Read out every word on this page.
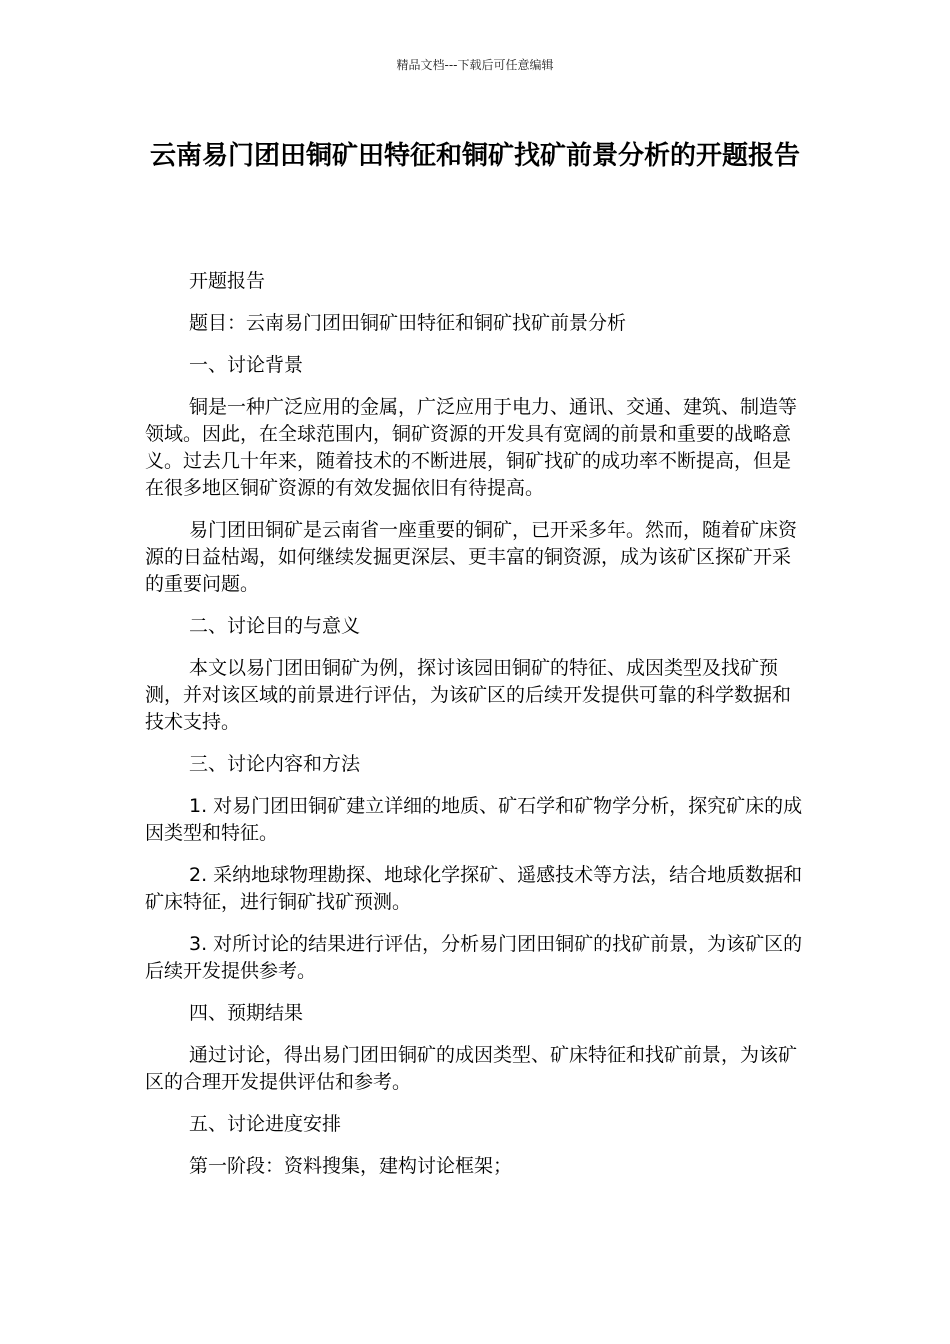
精品文档---下载后可任意编辑
云南易门团田铜矿田特征和铜矿找矿前景分析的开题报告

开题报告

题目：云南易门团田铜矿田特征和铜矿找矿前景分析

一、讨论背景

铜是一种广泛应用的金属，广泛应用于电力、通讯、交通、建筑、制造等领域。因此，在全球范围内，铜矿资源的开发具有宽阔的前景和重要的战略意义。过去几十年来，随着技术的不断进展，铜矿找矿的成功率不断提高，但是在很多地区铜矿资源的有效发掘依旧有待提高。

易门团田铜矿是云南省一座重要的铜矿，已开采多年。然而，随着矿床资源的日益枯竭，如何继续发掘更深层、更丰富的铜资源，成为该矿区探矿开采的重要问题。

二、讨论目的与意义

本文以易门团田铜矿为例，探讨该园田铜矿的特征、成因类型及找矿预测，并对该区域的前景进行评估，为该矿区的后续开发提供可靠的科学数据和技术支持。

三、讨论内容和方法

1. 对易门团田铜矿建立详细的地质、矿石学和矿物学分析，探究矿床的成因类型和特征。

2. 采纳地球物理勘探、地球化学探矿、遥感技术等方法，结合地质数据和矿床特征，进行铜矿找矿预测。

3. 对所讨论的结果进行评估，分析易门团田铜矿的找矿前景，为该矿区的后续开发提供参考。

四、预期结果

通过讨论，得出易门团田铜矿的成因类型、矿床特征和找矿前景，为该矿区的合理开发提供评估和参考。

五、讨论进度安排

第一阶段：资料搜集，建构讨论框架；
